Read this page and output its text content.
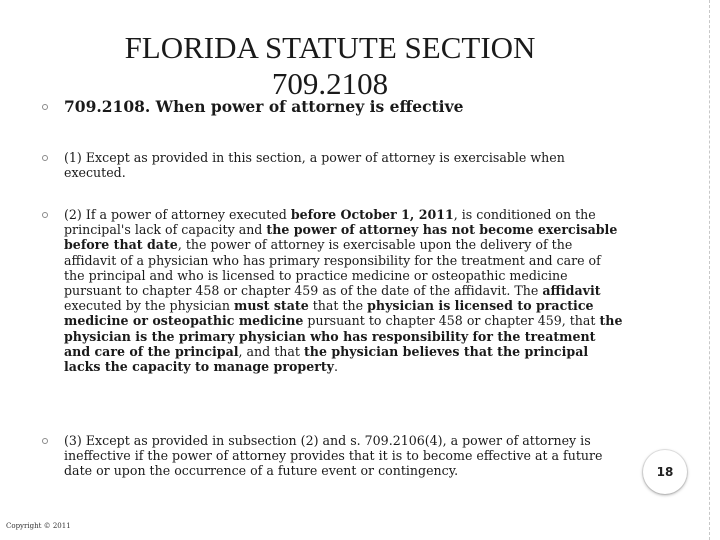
FLORIDA STATUTE SECTION
709.2108
709.2108. When power of attorney is effective
(1) Except as provided in this section, a power of attorney is exercisable when executed.
(2) If a power of attorney executed before October 1, 2011, is conditioned on the principal's lack of capacity and the power of attorney has not become exercisable before that date, the power of attorney is exercisable upon the delivery of the affidavit of a physician who has primary responsibility for the treatment and care of the principal and who is licensed to practice medicine or osteopathic medicine pursuant to chapter 458 or chapter 459 as of the date of the affidavit. The affidavit executed by the physician must state that the physician is licensed to practice medicine or osteopathic medicine pursuant to chapter 458 or chapter 459, that the physician is the primary physician who has responsibility for the treatment and care of the principal, and that the physician believes that the principal lacks the capacity to manage property.
(3) Except as provided in subsection (2) and s. 709.2106(4), a power of attorney is ineffective if the power of attorney provides that it is to become effective at a future date or upon the occurrence of a future event or contingency.	18
Copyright © 2011
